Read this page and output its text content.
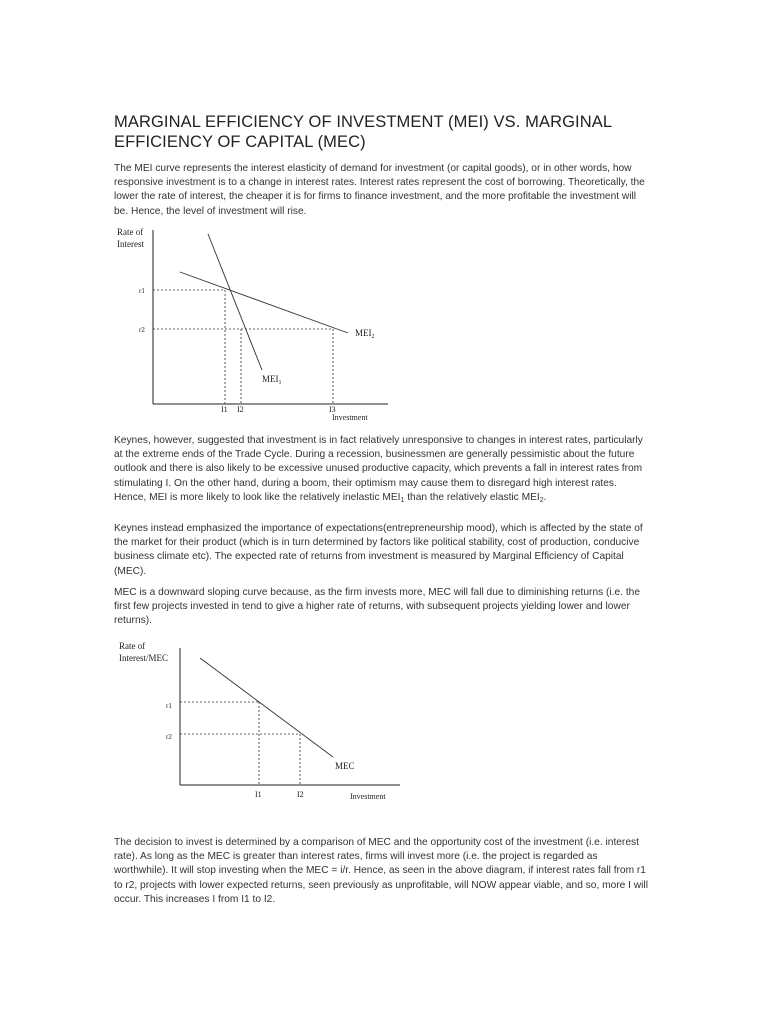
MARGINAL EFFICIENCY OF INVESTMENT (MEI) VS. MARGINAL EFFICIENCY OF CAPITAL (MEC)

The MEI curve represents the interest elasticity of demand for investment (or capital goods), or in other words, how responsive investment is to a change in interest rates. Interest rates represent the cost of borrowing. Theoretically, the lower the rate of interest, the cheaper it is for firms to finance investment, and the more profitable the investment will be. Hence, the level of investment will rise.

Rate of
Interest
r1
r2
I1 I2	I3
Investment
$MEI_1$
$MEI_2$

Keynes, however, suggested that investment is in fact relatively unresponsive to changes in interest rates, particularly at the extreme ends of the Trade Cycle. During a recession, businessmen are generally pessimistic about the future outlook and there is also likely to be excessive unused productive capacity, which prevents a fall in interest rates from stimulating I. On the other hand, during a boom, their optimism may cause them to disregard high interest rates. Hence, MEI is more likely to look like the relatively inelastic $MEI_1$ than the relatively elastic $MEI_2$.

Keynes instead emphasized the importance of expectations(entrepreneurship mood), which is affected by the state of the market for their product (which is in turn determined by factors like political stability, cost of production, conducive business climate etc). The expected rate of returns from investment is measured by Marginal Efficiency of Capital (MEC).

MEC is a downward sloping curve because, as the firm invests more, MEC will fall due to diminishing returns (i.e. the first few projects invested in tend to give a higher rate of returns, with subsequent projects yielding lower and lower returns).

Rate of
Interest/MEC
MEC
r1
r2
I1	I2	Investment

The decision to invest is determined by a comparison of MEC and the opportunity cost of the investment (i.e. interest rate). As long as the MEC is greater than interest rates, firms will invest more (i.e. the project is regarded as worthwhile). It will stop investing when the MEC = i/r. Hence, as seen in the above diagram, if interest rates fall from r1 to r2, projects with lower expected returns, seen previously as unprofitable, will NOW appear viable, and so, more I will occur. This increases I from I1 to I2.
